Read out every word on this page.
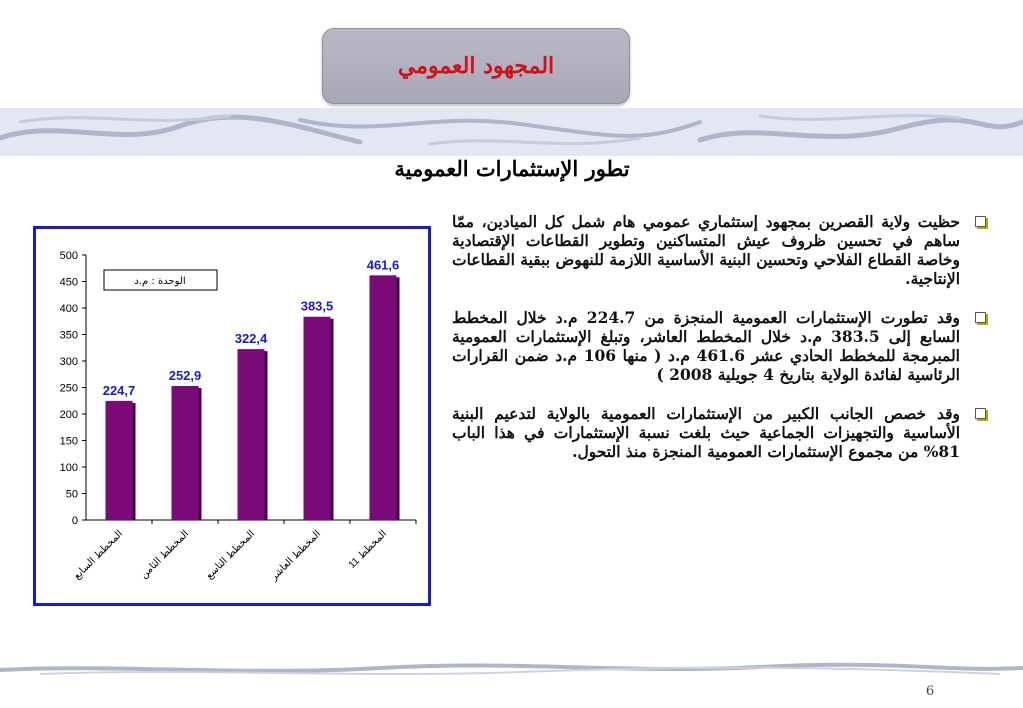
المجهود العمومي
تطور الإستثمارات العمومية
0
50
100
150
200
250
300
350
400
450
500
224,7
المخطط السابع
252,9
المخطط الثامن
322,4
المخطط التاسع
383,5
المخطط العاشر
461,6
المخطط 11
الوحدة : م.د
حظيت ولاية القصرين بمجهود إستثماري عمومي هام شمل كل الميادين، ممّا ساهم في تحسين ظروف عيش المتساكنين وتطوير القطاعات الإقتصادية وخاصة القطاع الفلاحي وتحسين البنية الأساسية اللازمة للنهوض ببقية القطاعات الإنتاجية.
وقد تطورت الإستثمارات العمومية المنجزة من 224.7 م.د خلال المخطط السابع إلى 383.5 م.د خلال المخطط العاشر، وتبلغ الإستثمارات العمومية المبرمجة للمخطط الحادي عشر 461.6 م.د ( منها 106 م.د ضمن القرارات الرئاسية لفائدة الولاية بتاريخ 4 جويلية 2008 )
وقد خصص الجانب الكبير من الإستثمارات العمومية بالولاية لتدعيم البنية الأساسية والتجهيزات الجماعية حيث بلغت نسبة الإستثمارات في هذا الباب 81% من مجموع الإستثمارات العمومية المنجزة منذ التحول.
6
